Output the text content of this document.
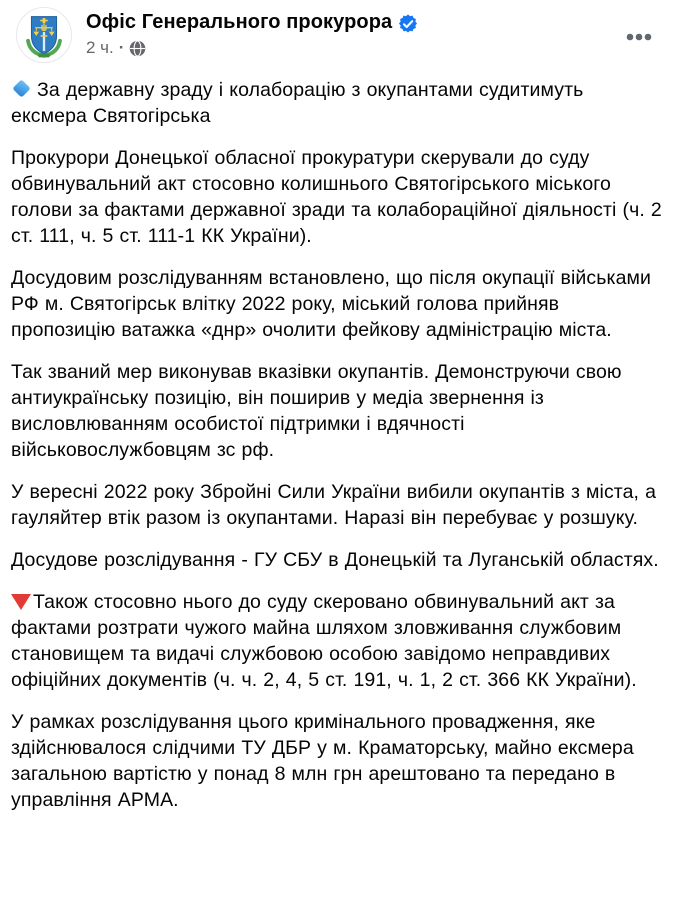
Офіс Генерального прокурора
2 ч. ·

За державну зраду і колаборацію з окупантами судитимуть ексмера Святогірська

Прокурори Донецької обласної прокуратури скерували до суду обвинувальний акт стосовно колишнього Святогірського міського голови за фактами державної зради та колабораційної діяльності (ч. 2 ст. 111, ч. 5 ст. 111-1 КК України).

Досудовим розслідуванням встановлено, що після окупації військами РФ м. Святогірськ влітку 2022 року, міський голова прийняв пропозицію ватажка «днр» очолити фейкову адміністрацію міста.

Так званий мер виконував вказівки окупантів. Демонструючи свою антиукраїнську позицію, він поширив у медіа звернення із висловлюванням особистої підтримки і вдячності військовослужбовцям зс рф.

У вересні 2022 року Збройні Сили України вибили окупантів з міста, а гауляйтер втік разом із окупантами. Наразі він перебуває у розшуку.

Досудове розслідування - ГУ СБУ в Донецькій та Луганській областях.

Також стосовно нього до суду скеровано обвинувальний акт за фактами розтрати чужого майна шляхом зловживання службовим становищем та видачі службовою особою завідомо неправдивих офіційних документів (ч. ч. 2, 4, 5 ст. 191, ч. 1, 2 ст. 366 КК України).

У рамках розслідування цього кримінального провадження, яке здійснювалося слідчими ТУ ДБР у м. Краматорську, майно ексмера загальною вартістю у понад 8 млн грн арештовано та передано в управління АРМА.
